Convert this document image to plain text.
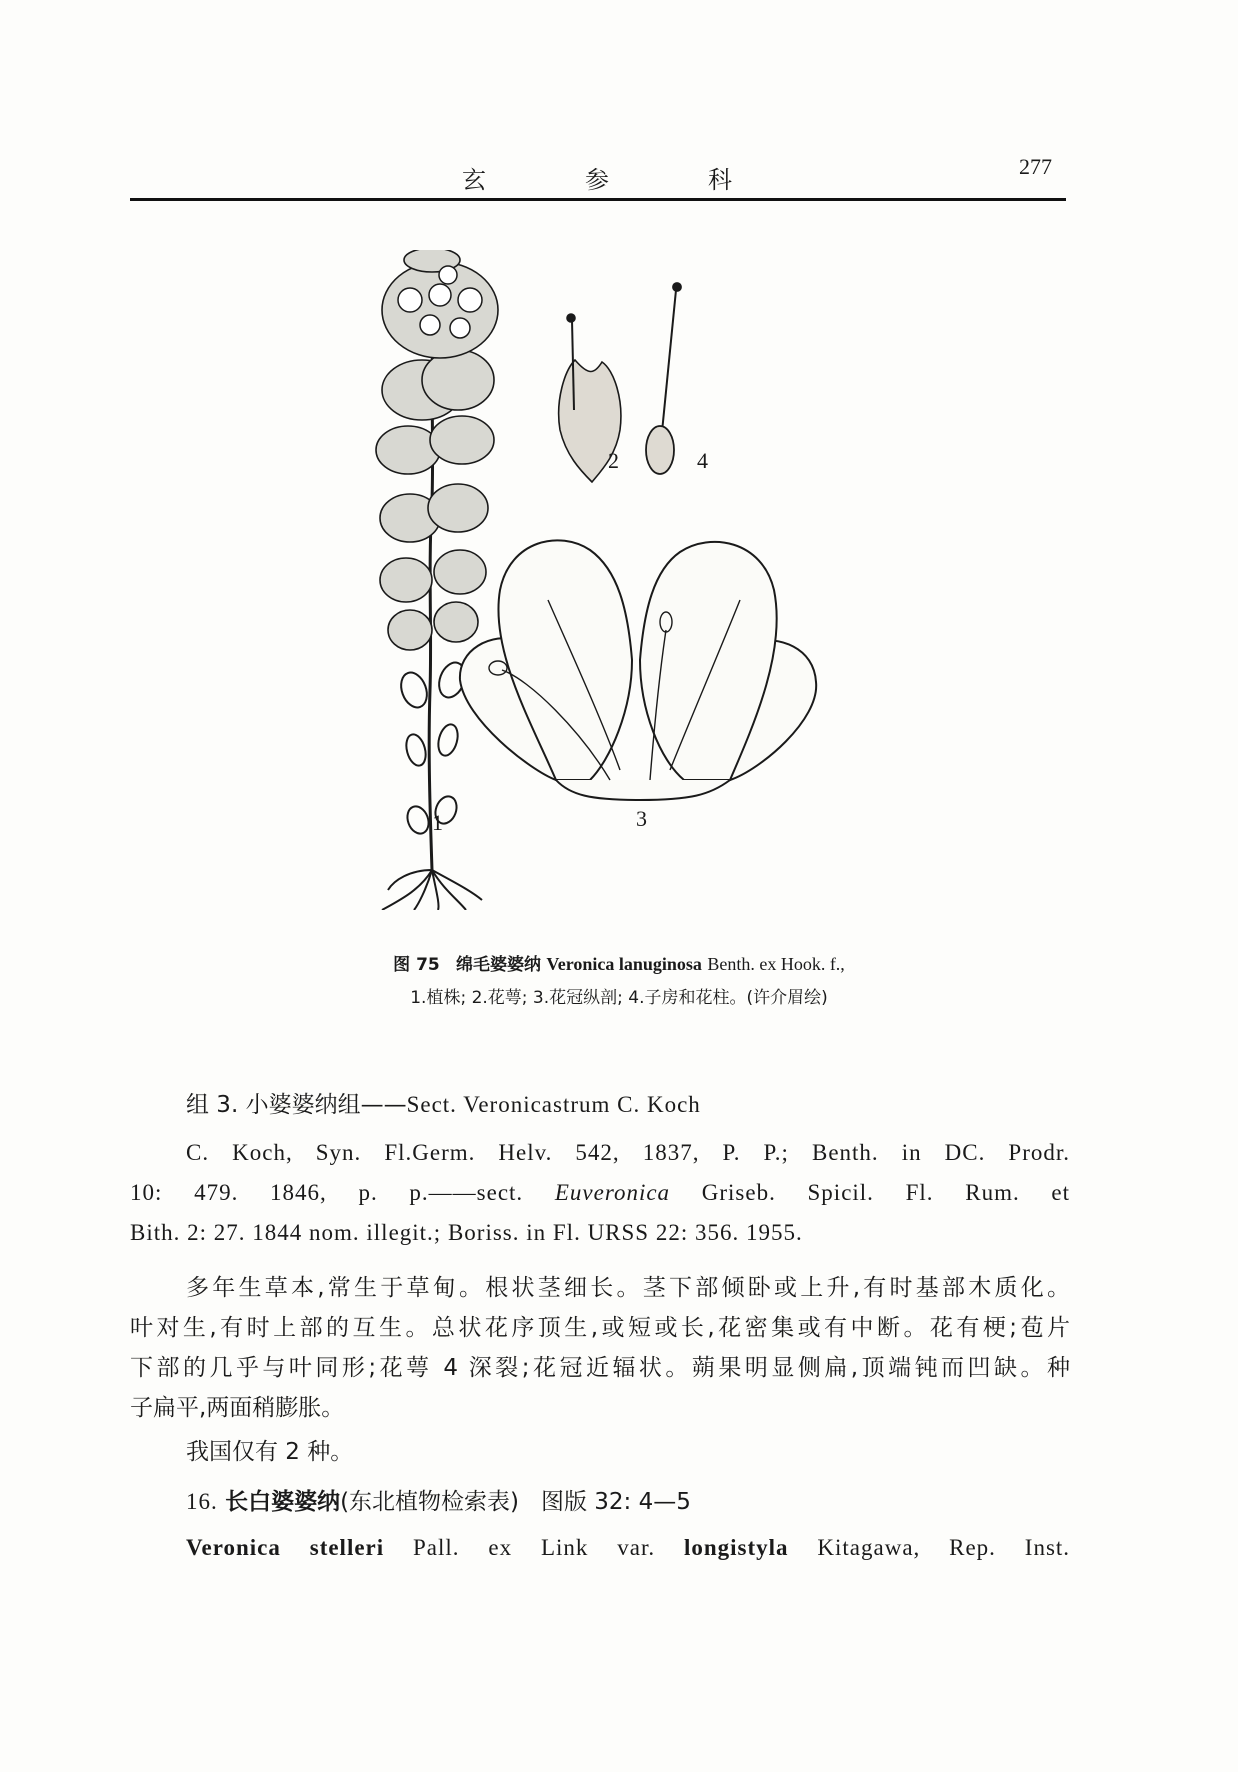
玄	参	科	277
1
2
3
4
图 75 绵毛婆婆纳 Veronica lanuginosa Benth. ex Hook. f.,
1.植株; 2.花萼; 3.花冠纵剖; 4.子房和花柱。(许介眉绘)

组 3. 小婆婆纳组——Sect. Veronicastrum C. Koch

C. Koch, Syn. Fl.Germ. Helv. 542, 1837, P. P.; Benth. in DC. Prodr.

10: 479. 1846, p. p.——sect. Euveronica Griseb. Spicil. Fl. Rum. et

Bith. 2: 27. 1844 nom. illegit.; Boriss. in Fl. URSS 22: 356. 1955.

多年生草本,常生于草甸。根状茎细长。茎下部倾卧或上升,有时基部木质化。

叶对生,有时上部的互生。总状花序顶生,或短或长,花密集或有中断。花有梗;苞片

下部的几乎与叶同形;花萼 4 深裂;花冠近辐状。蒴果明显侧扁,顶端钝而凹缺。种

子扁平,两面稍膨胀。

我国仅有 2 种。

16. 长白婆婆纳(东北植物检索表) 图版 32: 4—5

Veronica stelleri Pall. ex Link var. longistyla Kitagawa, Rep. Inst.
